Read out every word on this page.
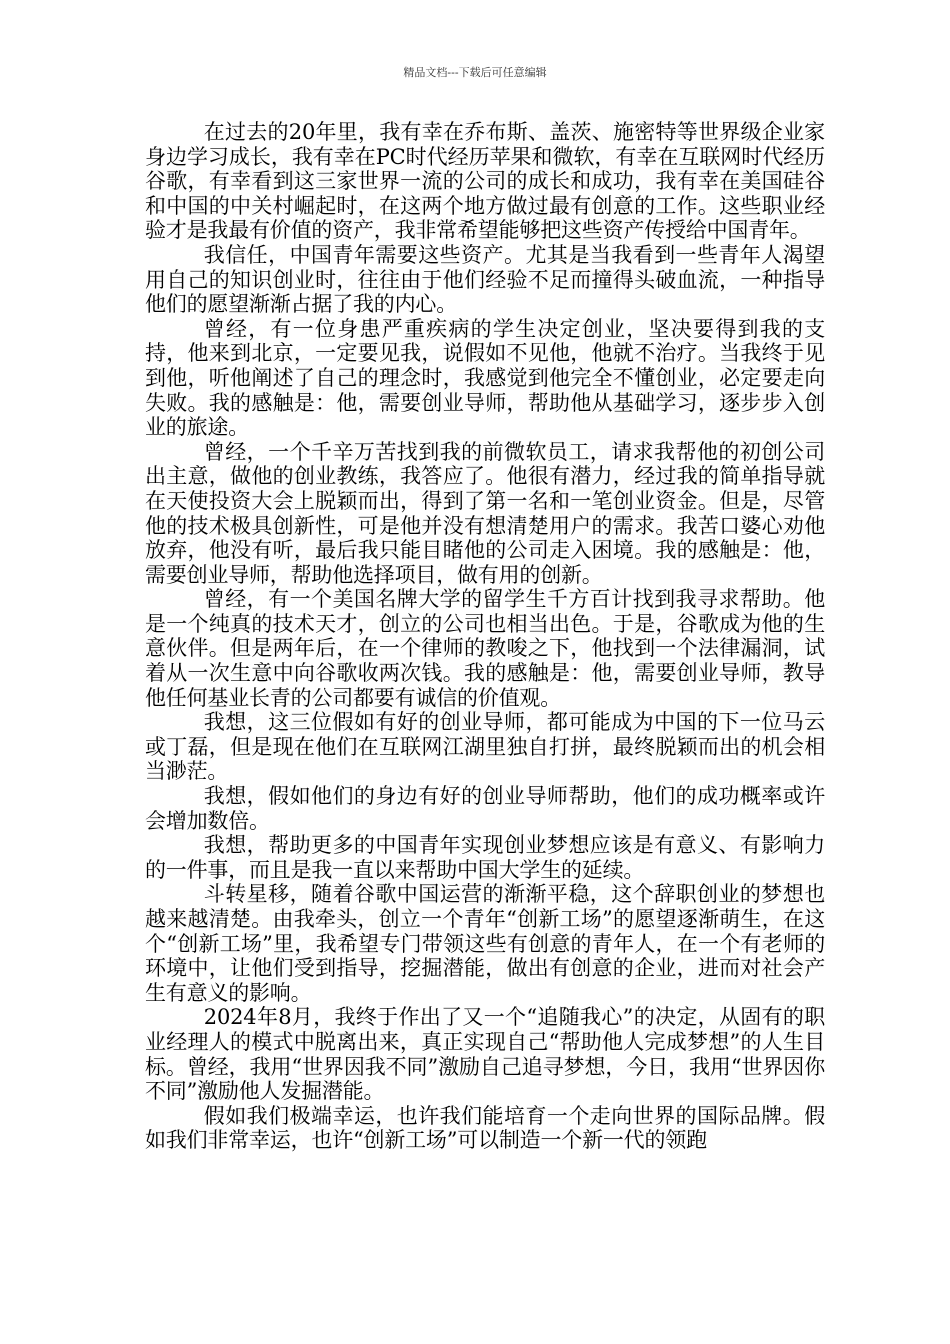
精品文档---下载后可任意编辑

在过去的20年里，我有幸在乔布斯、盖茨、施密特等世界级企业家身边学习成长，我有幸在PC时代经历苹果和微软，有幸在互联网时代经历谷歌，有幸看到这三家世界一流的公司的成长和成功，我有幸在美国硅谷和中国的中关村崛起时，在这两个地方做过最有创意的工作。这些职业经验才是我最有价值的资产，我非常希望能够把这些资产传授给中国青年。

我信任，中国青年需要这些资产。尤其是当我看到一些青年人渴望用自己的知识创业时，往往由于他们经验不足而撞得头破血流，一种指导他们的愿望渐渐占据了我的内心。

曾经，有一位身患严重疾病的学生决定创业，坚决要得到我的支持，他来到北京，一定要见我，说假如不见他，他就不治疗。当我终于见到他，听他阐述了自己的理念时，我感觉到他完全不懂创业，必定要走向失败。我的感触是：他，需要创业导师，帮助他从基础学习，逐步步入创业的旅途。

曾经，一个千辛万苦找到我的前微软员工，请求我帮他的初创公司出主意，做他的创业教练，我答应了。他很有潜力，经过我的简单指导就在天使投资大会上脱颖而出，得到了第一名和一笔创业资金。但是，尽管他的技术极具创新性，可是他并没有想清楚用户的需求。我苦口婆心劝他放弃，他没有听，最后我只能目睹他的公司走入困境。我的感触是：他，需要创业导师，帮助他选择项目，做有用的创新。

曾经，有一个美国名牌大学的留学生千方百计找到我寻求帮助。他是一个纯真的技术天才，创立的公司也相当出色。于是，谷歌成为他的生意伙伴。但是两年后，在一个律师的教唆之下，他找到一个法律漏洞，试着从一次生意中向谷歌收两次钱。我的感触是：他，需要创业导师，教导他任何基业长青的公司都要有诚信的价值观。

我想，这三位假如有好的创业导师，都可能成为中国的下一位马云或丁磊，但是现在他们在互联网江湖里独自打拼，最终脱颖而出的机会相当渺茫。

我想，假如他们的身边有好的创业导师帮助，他们的成功概率或许会增加数倍。

我想，帮助更多的中国青年实现创业梦想应该是有意义、有影响力的一件事，而且是我一直以来帮助中国大学生的延续。

斗转星移，随着谷歌中国运营的渐渐平稳，这个辞职创业的梦想也越来越清楚。由我牵头，创立一个青年“创新工场”的愿望逐渐萌生，在这个“创新工场”里，我希望专门带领这些有创意的青年人，在一个有老师的环境中，让他们受到指导，挖掘潜能，做出有创意的企业，进而对社会产生有意义的影响。

2024年8月，我终于作出了又一个“追随我心”的决定，从固有的职业经理人的模式中脱离出来，真正实现自己“帮助他人完成梦想”的人生目标。曾经，我用“世界因我不同”激励自己追寻梦想，今日，我用“世界因你不同”激励他人发掘潜能。

假如我们极端幸运，也许我们能培育一个走向世界的国际品牌。假如我们非常幸运，也许“创新工场”可以制造一个新一代的领跑
